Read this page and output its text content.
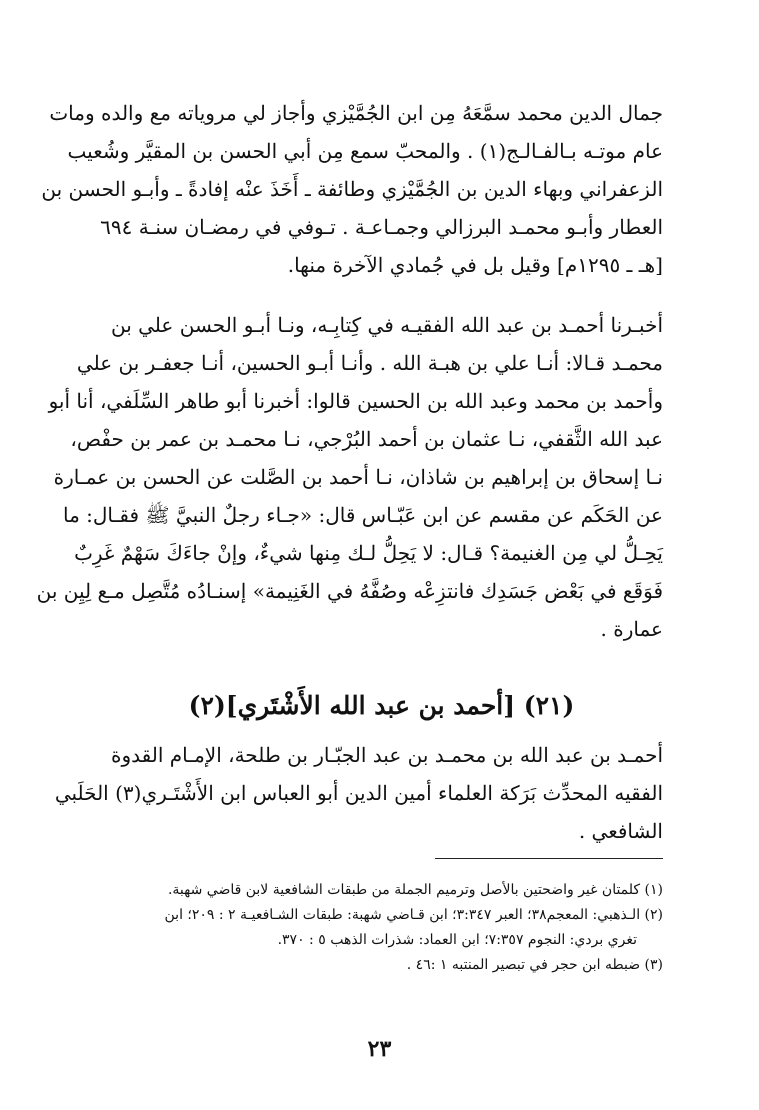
جمال الدين محمد سمَّعَهُ مِن ابن الجُمَّيْزي وأجاز لي مروياته مع والده ومات
عام موتـه بـالفـالـج(١) . والمحبّ سمع مِن أبي الحسن بن المقيَّر وشُعيب
الزعفراني وبهاء الدين بن الجُمَّيْزي وطائفة ـ أَخَذَ عنْه إفادةً ـ وأبـو الحسن بن
العطار وأبـو محمـد البرزالي وجمـاعـة . تـوفي في رمضـان سنـة ٦٩٤
[هـ ـ ١٢٩٥م] وقيل بل في جُمادي الآخرة منها.
أخبـرنا أحمـد بن عبد الله الفقيـه في كِتابِـه، ونـا أبـو الحسن علي بن
محمـد قـالا: أنـا علي بن هبـة الله . وأنـا أبـو الحسين، أنـا جعفـر بن علي
وأحمد بن محمد وعبد الله بن الحسين قالوا: أخبرنا أبو طاهر السِّلَفي، أنا أبو
عبد الله الثَّقفي، نـا عثمان بن أحمد البُرْجي، نـا محمـد بن عمر بن حفْص،
نـا إسحاق بن إبراهيم بن شاذان، نـا أحمد بن الصَّلت عن الحسن بن عمـارة
عن الحَكَم عن مقسم عن ابن عَبّـاس قال: «جـاء رجلٌ النبيَّ ﷺ فقـال: ما
يَحِـلُّ لي مِن الغنيمة؟ قـال: لا يَحِلُّ لـك مِنها شيءٌ، وإنْ جاءَكَ سَهْمٌ غَرِبٌ
فَوَقَع في بَعْض جَسَدِك فانتزِعْه وصُفَّهُ في الغَنِيمة» إسنـادُه مُتَّصِل مـع لِيِن بن
عمارة .
(٢١) [أحمد بن عبد الله الأَشْتَري](٢)
أحمـد بن عبد الله بن محمـد بن عبد الجبّـار بن طلحة، الإمـام القدوة
الفقيه المحدِّث بَرَكة العلماء أمين الدين أبو العباس ابن الأَشْتَـري(٣) الحَلَبي
الشافعي .
(١) كلمتان غير واضحتين بالأصل وترميم الجملة من طبقات الشافعية لابن قاضي شهبة.
(٢) الـذهبي: المعجم٣٨؛ العبر ٣:٣٤٧؛ ابن قـاضي شهبة: طبقات الشـافعيـة ٢ : ٢٠٩؛ ابن
تغري بردي: النجوم ٧:٣٥٧؛ ابن العماد: شذرات الذهب ٥ : ٣٧٠.
(٣) ضبطه ابن حجر في تبصير المنتبه ١ :٤٦ .
٢٣
